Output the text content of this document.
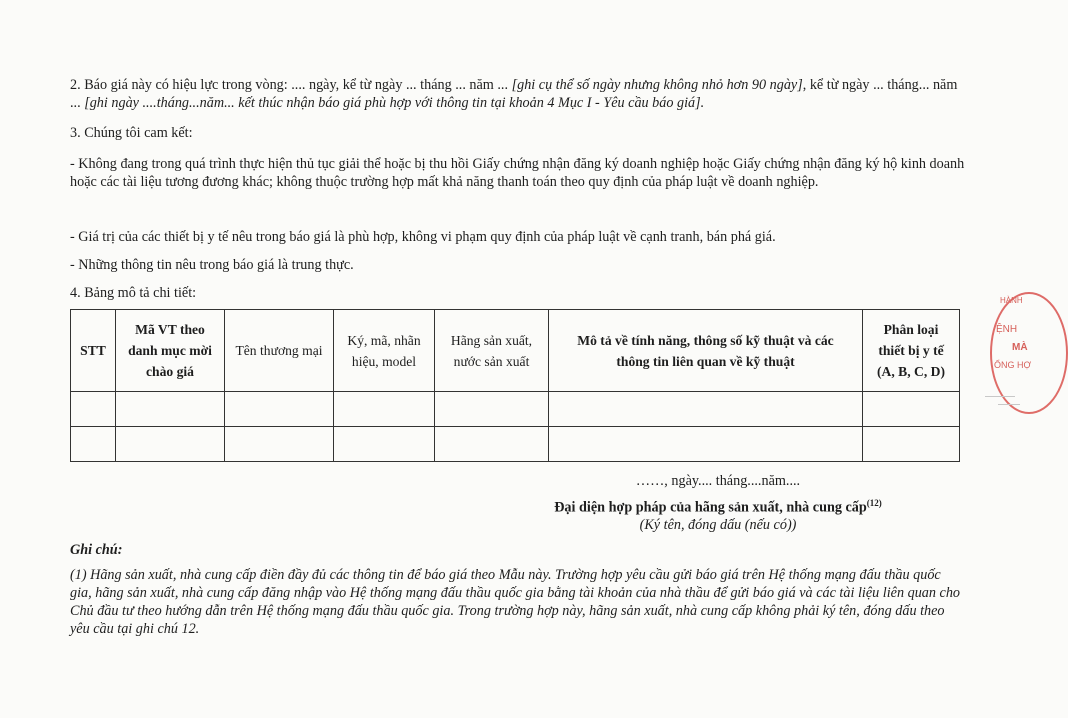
2. Báo giá này có hiệu lực trong vòng: .... ngày, kể từ ngày ... tháng ... năm ... [ghi cụ thể số ngày nhưng không nhỏ hơn 90 ngày], kể từ ngày ... tháng... năm ... [ghi ngày ....tháng...năm... kết thúc nhận báo giá phù hợp với thông tin tại khoản 4 Mục I - Yêu cầu báo giá].

3. Chúng tôi cam kết:

- Không đang trong quá trình thực hiện thủ tục giải thể hoặc bị thu hồi Giấy chứng nhận đăng ký doanh nghiệp hoặc Giấy chứng nhận đăng ký hộ kinh doanh hoặc các tài liệu tương đương khác; không thuộc trường hợp mất khả năng thanh toán theo quy định của pháp luật về doanh nghiệp.

- Giá trị của các thiết bị y tế nêu trong báo giá là phù hợp, không vi phạm quy định của pháp luật về cạnh tranh, bán phá giá.

- Những thông tin nêu trong báo giá là trung thực.

4. Bảng mô tả chi tiết:

STT	Mã VT theo danh mục mời chào giá	Tên thương mại	Ký, mã, nhãn hiệu, model	Hãng sản xuất, nước sản xuất	Mô tả về tính năng, thông số kỹ thuật và các thông tin liên quan về kỹ thuật	Phân loại thiết bị y tế (A, B, C, D)

……, ngày.... tháng....năm....
Đại diện hợp pháp của hãng sản xuất, nhà cung cấp$^{(12)}$
(Ký tên, đóng dấu (nếu có))

Ghi chú:

(1) Hãng sản xuất, nhà cung cấp điền đầy đủ các thông tin để báo giá theo Mẫu này. Trường hợp yêu cầu gửi báo giá trên Hệ thống mạng đấu thầu quốc gia, hãng sản xuất, nhà cung cấp đăng nhập vào Hệ thống mạng đấu thầu quốc gia bằng tài khoản của nhà thầu để gửi báo giá và các tài liệu liên quan cho Chủ đầu tư theo hướng dẫn trên Hệ thống mạng đấu thầu quốc gia. Trong trường hợp này, hãng sản xuất, nhà cung cấp không phải ký tên, đóng dấu theo yêu cầu tại ghi chú 12.

HÀNH
ỆNH
MÀ
ỔNG HỢ
